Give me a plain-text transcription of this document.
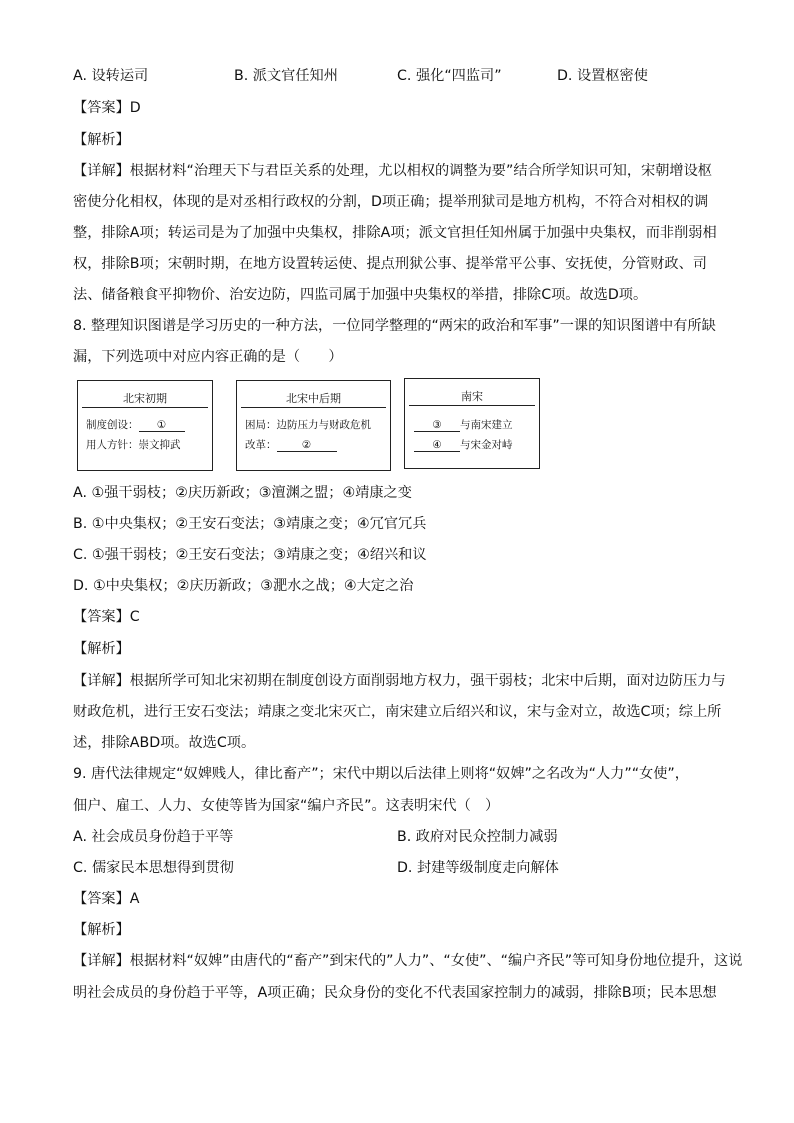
A. 设转运司	B. 派文官任知州	C. 强化“四监司”	D. 设置枢密使
【答案】D
【解析】
【详解】根据材料“治理天下与君臣关系的处理，尤以相权的调整为要”结合所学知识可知，宋朝增设枢
密使分化相权，体现的是对丞相行政权的分割，D项正确；提举刑狱司是地方机构，不符合对相权的调
整，排除A项；转运司是为了加强中央集权，排除A项；派文官担任知州属于加强中央集权，而非削弱相
权，排除B项；宋朝时期，在地方设置转运使、提点刑狱公事、提举常平公事、安抚使，分管财政、司
法、储备粮食平抑物价、治安边防，四监司属于加强中央集权的举措，排除C项。故选D项。
8. 整理知识图谱是学习历史的一种方法，一位同学整理的“两宋的政治和军事”一课的知识图谱中有所缺
漏，下列选项中对应内容正确的是（　　）
北宋初期
制度创设： ①
用人方针：崇文抑武
北宋中后期
困局：边防压力与财政危机
改革： ②
南宋
③ 与南宋建立
④ 与宋金对峙
A. ①强干弱枝；②庆历新政；③澶渊之盟；④靖康之变
B. ①中央集权；②王安石变法；③靖康之变；④冗官冗兵
C. ①强干弱枝；②王安石变法；③靖康之变；④绍兴和议
D. ①中央集权；②庆历新政；③淝水之战；④大定之治
【答案】C
【解析】
【详解】根据所学可知北宋初期在制度创设方面削弱地方权力，强干弱枝；北宋中后期，面对边防压力与
财政危机，进行王安石变法；靖康之变北宋灭亡，南宋建立后绍兴和议，宋与金对立，故选C项；综上所
述，排除ABD项。故选C项。
9. 唐代法律规定“奴婢贱人，律比畜产”；宋代中期以后法律上则将“奴婢”之名改为“人力”“女使”，
佃户、雇工、人力、女使等皆为国家“编户齐民”。这表明宋代（　）
A. 社会成员身份趋于平等	B. 政府对民众控制力减弱
C. 儒家民本思想得到贯彻	D. 封建等级制度走向解体
【答案】A
【解析】
【详解】根据材料“奴婢”由唐代的“畜产”到宋代的”人力”、“女使”、“编户齐民”等可知身份地位提升，这说
明社会成员的身份趋于平等，A项正确；民众身份的变化不代表国家控制力的减弱，排除B项；民本思想
